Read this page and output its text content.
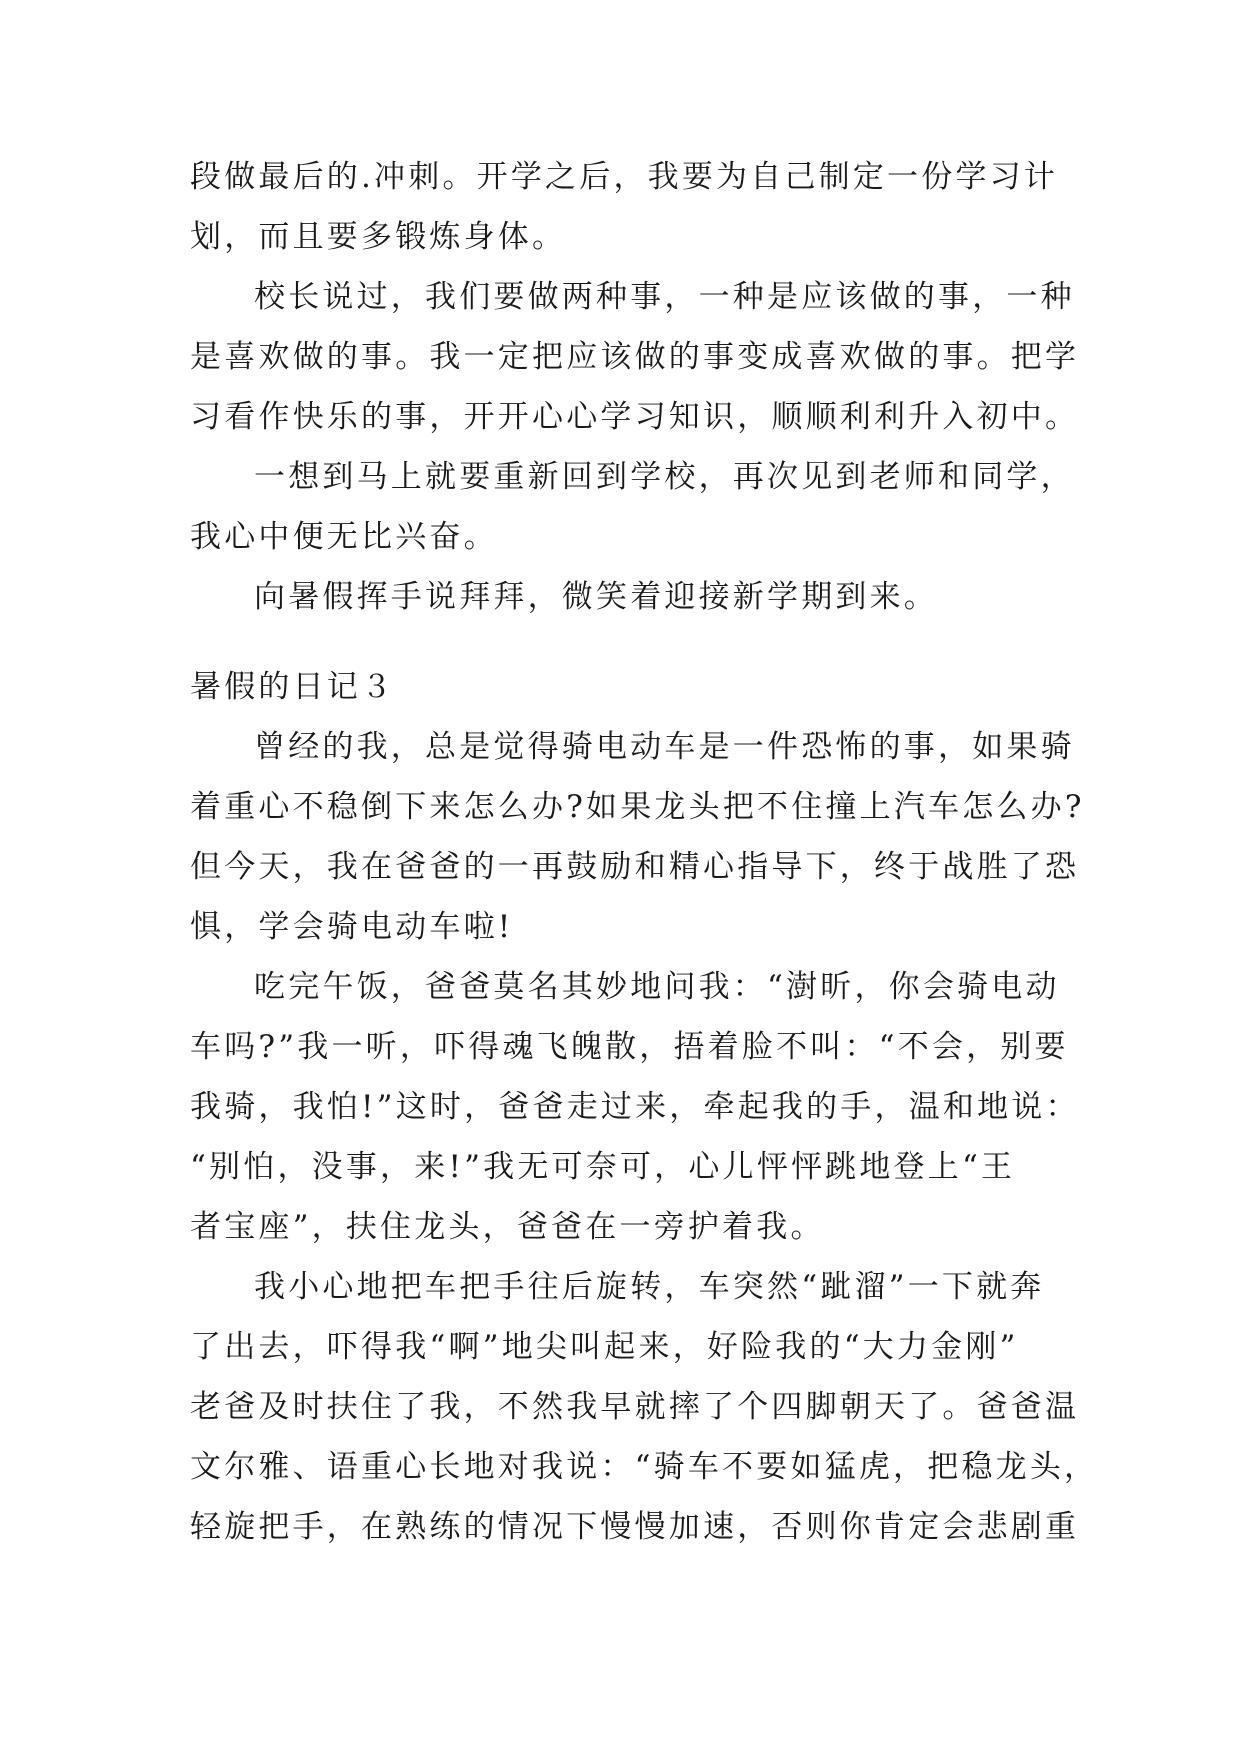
段做最后的.冲刺。开学之后，我要为自己制定一份学习计
划，而且要多锻炼身体。
校长说过，我们要做两种事，一种是应该做的事，一种
是喜欢做的事。我一定把应该做的事变成喜欢做的事。把学
习看作快乐的事，开开心心学习知识，顺顺利利升入初中。
一想到马上就要重新回到学校，再次见到老师和同学，
我心中便无比兴奋。
向暑假挥手说拜拜，微笑着迎接新学期到来。
暑假的日记３
曾经的我，总是觉得骑电动车是一件恐怖的事，如果骑
着重心不稳倒下来怎么办?如果龙头把不住撞上汽车怎么办?
但今天，我在爸爸的一再鼓励和精心指导下，终于战胜了恐
惧，学会骑电动车啦!
吃完午饭，爸爸莫名其妙地问我：“澍昕，你会骑电动
车吗?”我一听，吓得魂飞魄散，捂着脸不叫：“不会，别要
我骑，我怕!”这时，爸爸走过来，牵起我的手，温和地说：
“别怕，没事，来!”我无可奈可，心儿怦怦跳地登上“王
者宝座”，扶住龙头，爸爸在一旁护着我。
我小心地把车把手往后旋转，车突然“跐溜”一下就奔
了出去，吓得我“啊”地尖叫起来，好险我的“大力金刚”
老爸及时扶住了我，不然我早就摔了个四脚朝天了。爸爸温
文尔雅、语重心长地对我说：“骑车不要如猛虎，把稳龙头，
轻旋把手，在熟练的情况下慢慢加速，否则你肯定会悲剧重
